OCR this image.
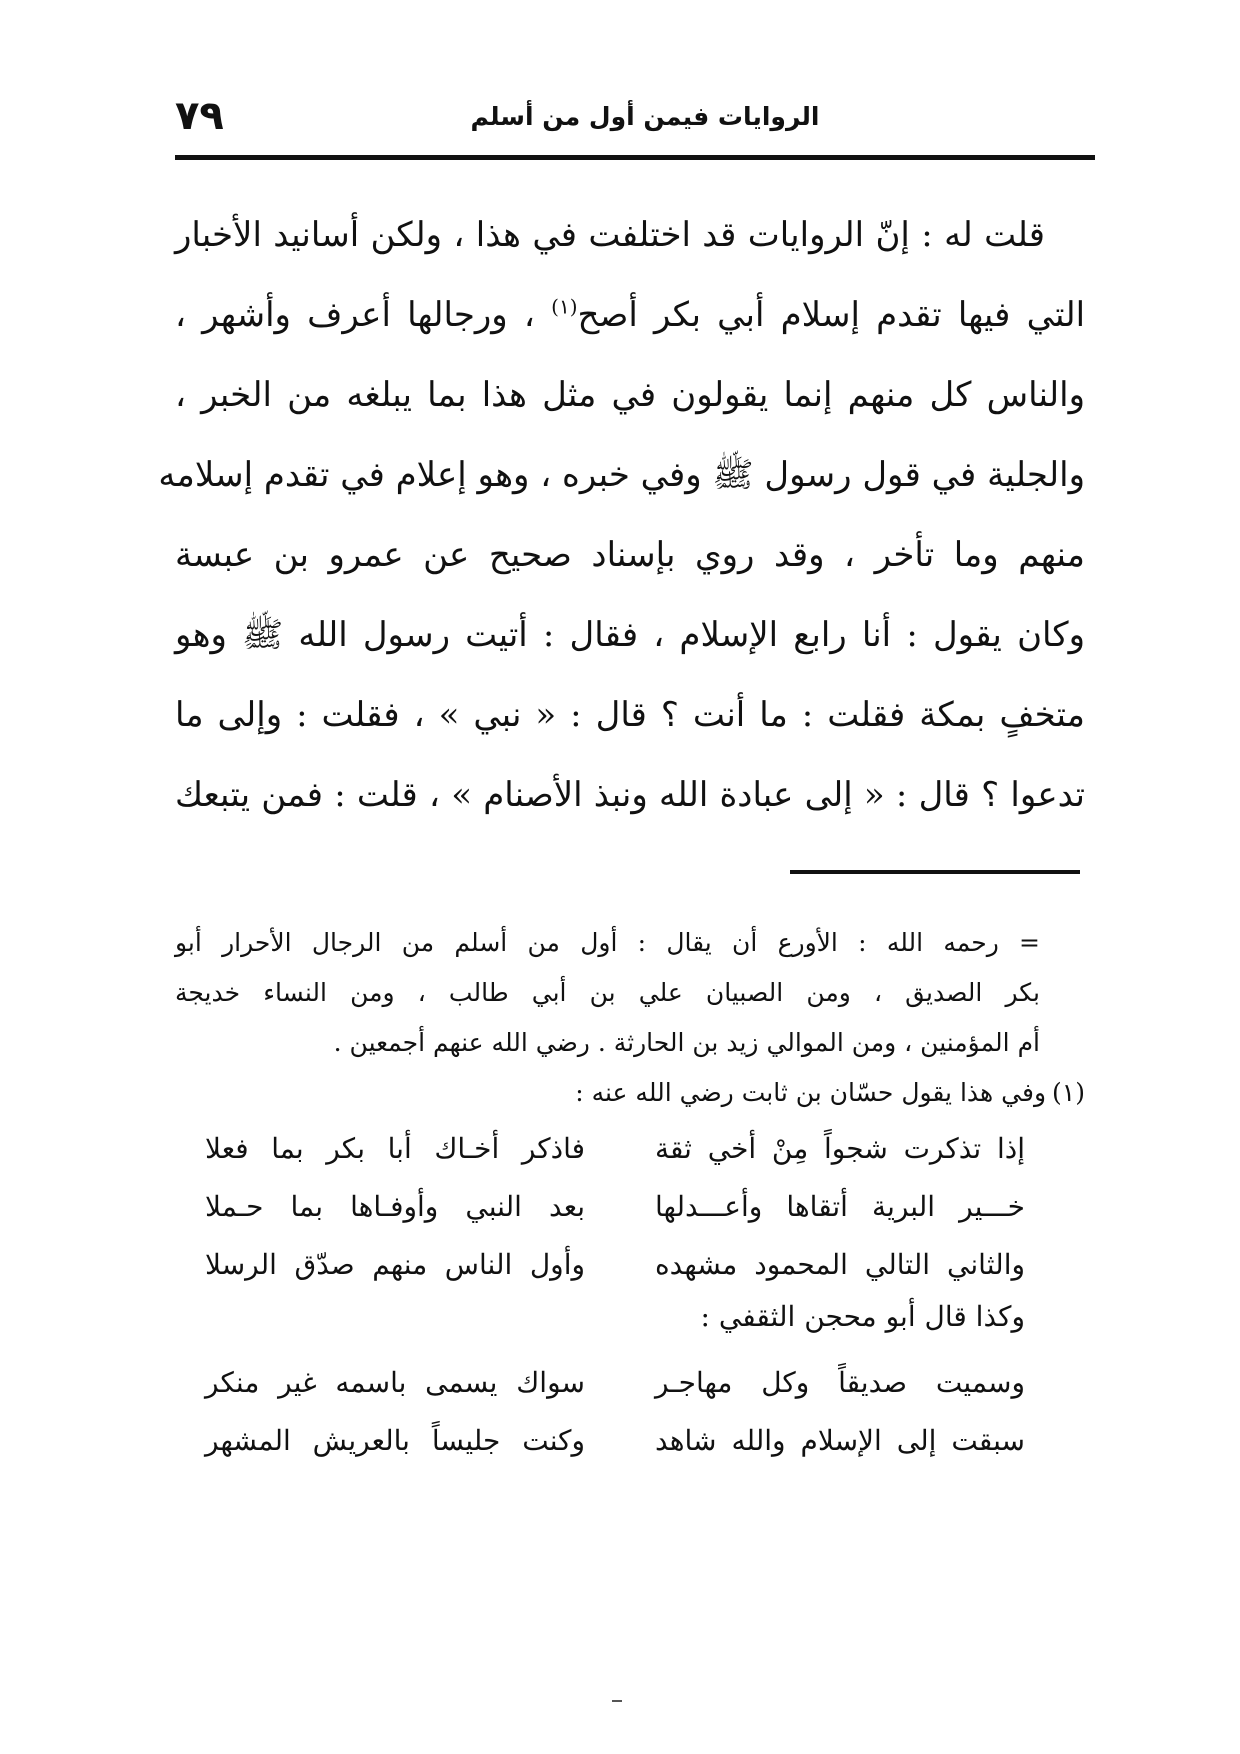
٧٩	الروايات فيمن أول من أسلم
قلت له : إنّ الروايات قد اختلفت في هذا ، ولكن أسانيد الأخبار
التي فيها تقدم إسلام أبي بكر أصح$^{(١)}$ ، ورجالها أعرف وأشهر ،
والناس كل منهم إنما يقولون في مثل هذا بما يبلغه من الخبر ،
والجلية في قول رسول ﷺ وفي خبره ، وهو إعلام في تقدم إسلامه
منهم وما تأخر ، وقد روي بإسناد صحيح عن عمرو بن عبسة
وكان يقول : أنا رابع الإسلام ، فقال : أتيت رسول الله ﷺ وهو
متخفٍ بمكة فقلت : ما أنت ؟ قال : « نبي » ، فقلت : وإلى ما
تدعوا ؟ قال : « إلى عبادة الله ونبذ الأصنام » ، قلت : فمن يتبعك
= رحمه الله : الأورع أن يقال : أول من أسلم من الرجال الأحرار أبو
بكر الصديق ، ومن الصبيان علي بن أبي طالب ، ومن النساء خديجة
أم المؤمنين ، ومن الموالي زيد بن الحارثة . رضي الله عنهم أجمعين .
(١)وفي هذا يقول حسّان بن ثابت رضي الله عنه :
إذا تذكرت شجواً مِنْ أخي ثقة
فاذكر أخـاك أبا بكر بما فعلا
خـــير البرية أتقاها وأعـــدلها
بعد النبي وأوفـاها بما حـملا
والثاني التالي المحمود مشهده
وأول الناس منهم صدّق الرسلا
وكذا قال أبو محجن الثقفي :
وسميت صديقاً وكل مهاجـر
سواك يسمى باسمه غير منكر
سبقت إلى الإسلام والله شاهد
وكنت جليساً بالعريش المشهر
